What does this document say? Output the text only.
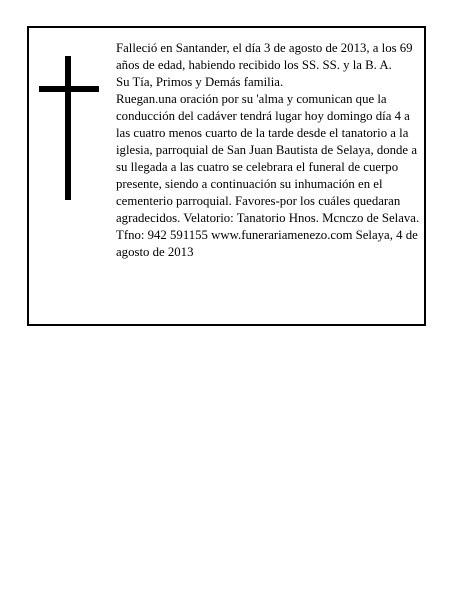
Falleció en Santander, el día 3 de agosto de 2013, a los 69 años de edad, habiendo recibido los SS. SS. y la B. A.

Su Tía, Primos y Demás familia.

Ruegan.una oración por su 'alma y comunican que la conducción del cadáver tendrá lugar hoy domingo día 4 a las cuatro menos cuarto de la tarde desde el tanatorio a la iglesia, parroquial de San Juan Bautista de Selaya, donde a su llegada a las cuatro se celebrara el funeral de cuerpo presente, siendo a continuación su inhumación en el cementerio parroquial. Favores-por los cuáles quedaran agradecidos. Velatorio: Tanatorio Hnos. Mcnczo de Selava. Tfno: 942 591155 www.funerariamenezo.com Selaya, 4 de agosto de 2013
